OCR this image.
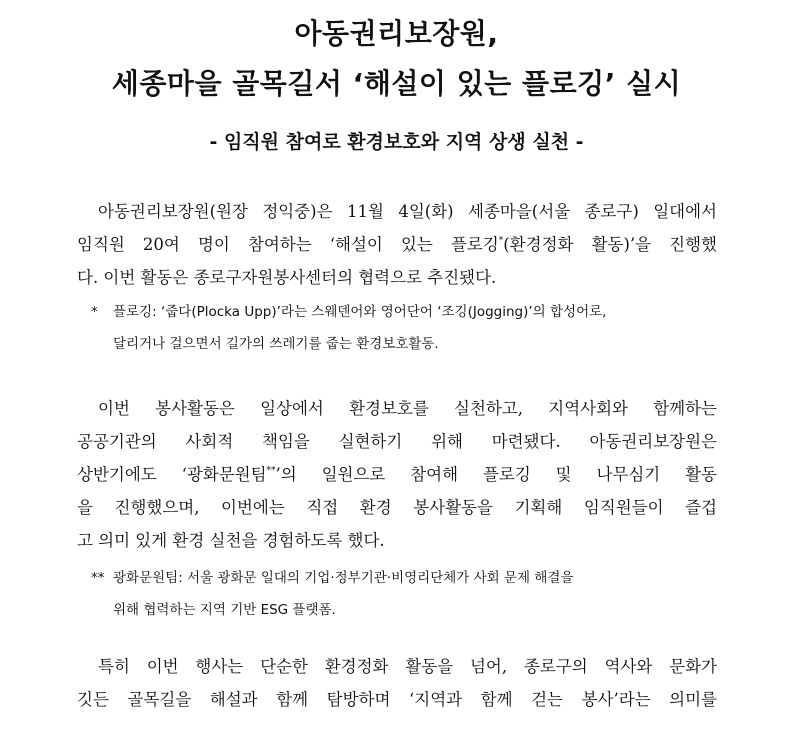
아동권리보장원,
세종마을 골목길서 ‘해설이 있는 플로깅’ 실시
- 임직원 참여로 환경보호와 지역 상생 실천 -
아동권리보장원(원장 정익중)은 11월 4일(화) 세종마을(서울 종로구) 일대에서
임직원 20여 명이 참여하는 ‘해설이 있는 플로깅*(환경정화 활동)’을 진행했
다. 이번 활동은 종로구자원봉사센터의 협력으로 추진됐다.
* 플로깅: ‘줍다(Plocka Upp)’라는 스웨덴어와 영어단어 ‘조깅(Jogging)’의 합성어로,
달리거나 걸으면서 길가의 쓰레기를 줍는 환경보호활동.
이번 봉사활동은 일상에서 환경보호를 실천하고, 지역사회와 함께하는
공공기관의 사회적 책임을 실현하기 위해 마련됐다. 아동권리보장원은
상반기에도 ‘광화문원팀**’의 일원으로 참여해 플로깅 및 나무심기 활동
을 진행했으며, 이번에는 직접 환경 봉사활동을 기획해 임직원들이 즐겁
고 의미 있게 환경 실천을 경험하도록 했다.
** 광화문원팀: 서울 광화문 일대의 기업·정부기관·비영리단체가 사회 문제 해결을
위해 협력하는 지역 기반 ESG 플랫폼.
특히 이번 행사는 단순한 환경정화 활동을 넘어, 종로구의 역사와 문화가
깃든 골목길을 해설과 함께 탐방하며 ‘지역과 함께 걷는 봉사’라는 의미를
